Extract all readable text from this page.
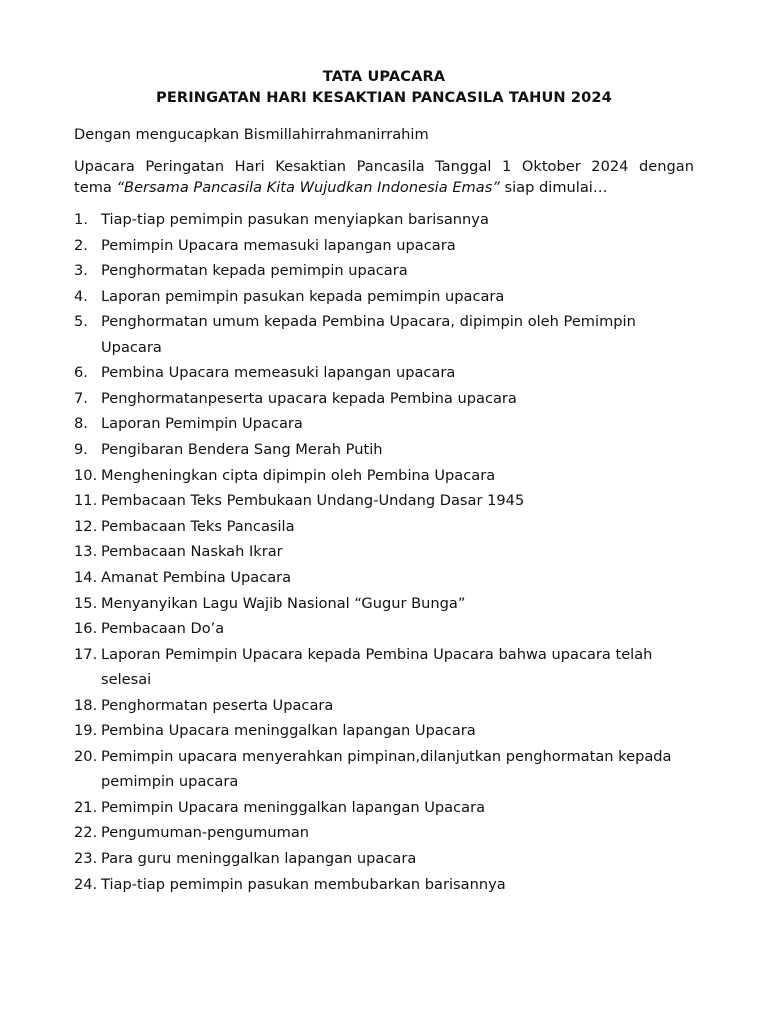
TATA UPACARA
PERINGATAN HARI KESAKTIAN PANCASILA TAHUN 2024
Dengan mengucapkan Bismillahirrahmanirrahim
Upacara Peringatan Hari Kesaktian Pancasila Tanggal 1 Oktober 2024 dengan
tema “Bersama Pancasila Kita Wujudkan Indonesia Emas” siap dimulai…
1. Tiap-tiap pemimpin pasukan menyiapkan barisannya
2. Pemimpin Upacara memasuki lapangan upacara
3. Penghormatan kepada pemimpin upacara
4. Laporan pemimpin pasukan kepada pemimpin upacara
5. Penghormatan umum kepada Pembina Upacara, dipimpin oleh Pemimpin Upacara
6. Pembina Upacara memeasuki lapangan upacara
7. Penghormatanpeserta upacara kepada Pembina upacara
8. Laporan Pemimpin Upacara
9. Pengibaran Bendera Sang Merah Putih
10. Mengheningkan cipta dipimpin oleh Pembina Upacara
11. Pembacaan Teks Pembukaan Undang-Undang Dasar 1945
12. Pembacaan Teks Pancasila
13. Pembacaan Naskah Ikrar
14. Amanat Pembina Upacara
15. Menyanyikan Lagu Wajib Nasional “Gugur Bunga”
16. Pembacaan Do’a
17. Laporan Pemimpin Upacara kepada Pembina Upacara bahwa upacara telah selesai
18. Penghormatan peserta Upacara
19. Pembina Upacara meninggalkan lapangan Upacara
20. Pemimpin upacara menyerahkan pimpinan,dilanjutkan penghormatan kepada pemimpin upacara
21. Pemimpin Upacara meninggalkan lapangan Upacara
22. Pengumuman-pengumuman
23. Para guru meninggalkan lapangan upacara
24. Tiap-tiap pemimpin pasukan membubarkan barisannya
